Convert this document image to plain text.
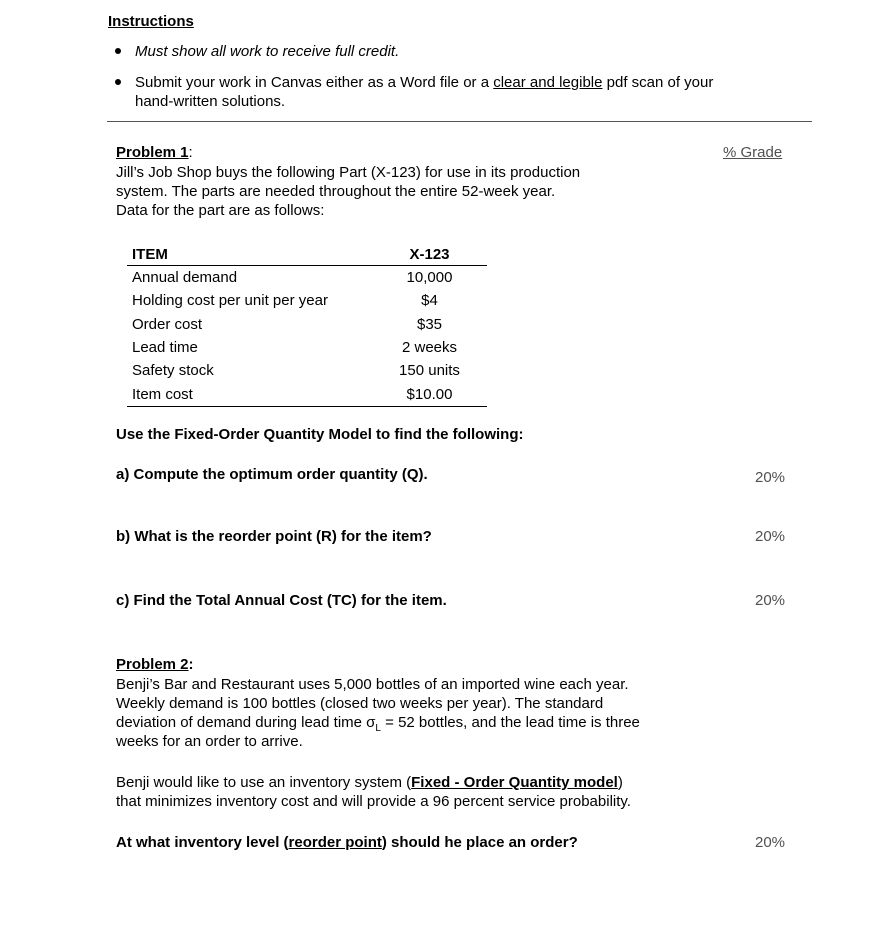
Instructions
Must show all work to receive full credit.
Submit your work in Canvas either as a Word file or a clear and legible pdf scan of your
hand-written solutions.
Problem 1:	% Grade
Jill’s Job Shop buys the following Part (X-123) for use in its production
system. The parts are needed throughout the entire 52-week year.
Data for the part are as follows:
ITEM	X-123
Annual demand	10,000
Holding cost per unit per year	$4
Order cost	$35
Lead time	2 weeks
Safety stock	150 units
Item cost	$10.00
Use the Fixed-Order Quantity Model to find the following:
a) Compute the optimum order quantity (Q).	20%
b) What is the reorder point (R) for the item?	20%
c) Find the Total Annual Cost (TC) for the item.	20%
Problem 2:
Benji’s Bar and Restaurant uses 5,000 bottles of an imported wine each year.
Weekly demand is 100 bottles (closed two weeks per year). The standard
deviation of demand during lead time $\sigma_L = 52$ bottles, and the lead time is three
weeks for an order to arrive.
Benji would like to use an inventory system (Fixed - Order Quantity model)
that minimizes inventory cost and will provide a 96 percent service probability.
At what inventory level (reorder point) should he place an order?	20%
